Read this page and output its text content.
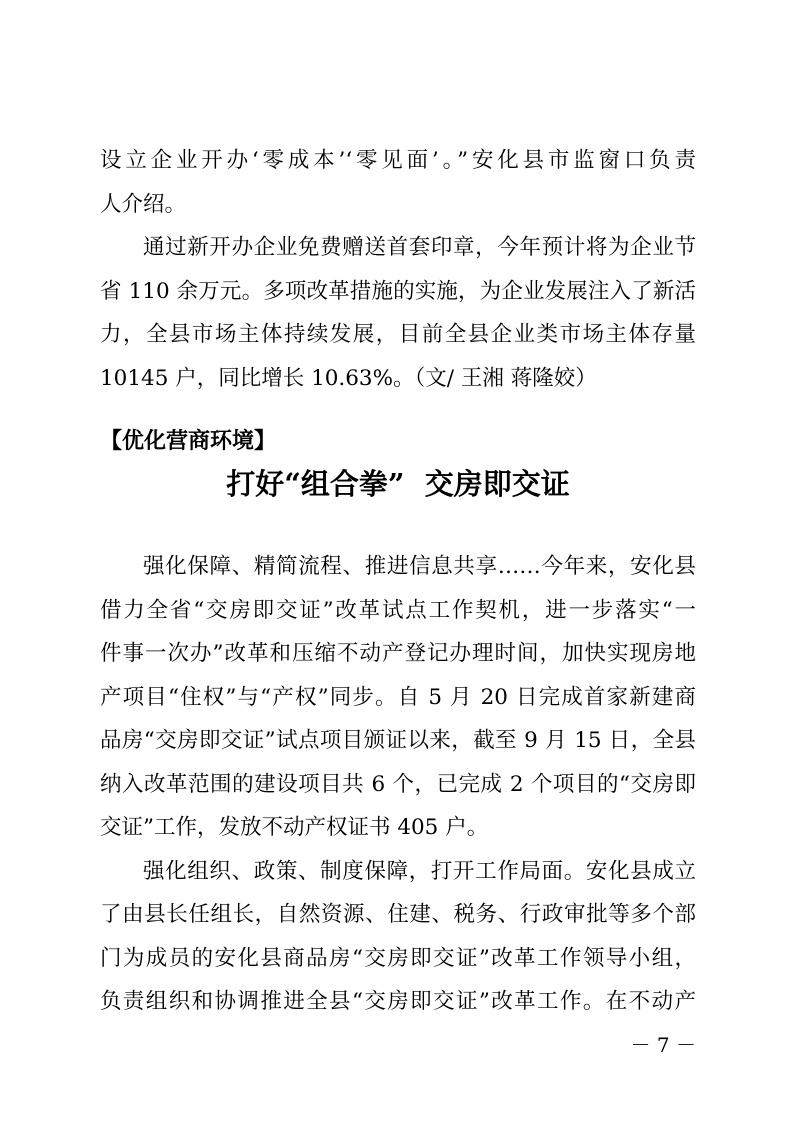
设立企业开办‘零成本’‘零见面’。”安化县市监窗口负责
人介绍。
通过新开办企业免费赠送首套印章，今年预计将为企业节
省 110 余万元。多项改革措施的实施，为企业发展注入了新活
力，全县市场主体持续发展，目前全县企业类市场主体存量
10145 户，同比增长 10.63%。（文/ 王湘 蒋隆姣）
【优化营商环境】
打好“组合拳”  交房即交证
强化保障、精简流程、推进信息共享……今年来，安化县
借力全省“交房即交证”改革试点工作契机，进一步落实“一
件事一次办”改革和压缩不动产登记办理时间，加快实现房地
产项目“住权”与“产权”同步。自 5 月 20 日完成首家新建商
品房“交房即交证”试点项目颁证以来，截至 9 月 15 日，全县
纳入改革范围的建设项目共 6 个，已完成 2 个项目的“交房即
交证”工作，发放不动产权证书 405 户。
强化组织、政策、制度保障，打开工作局面。安化县成立
了由县长任组长，自然资源、住建、税务、行政审批等多个部
门为成员的安化县商品房“交房即交证”改革工作领导小组，
负责组织和协调推进全县“交房即交证”改革工作。在不动产
－ 7 －
